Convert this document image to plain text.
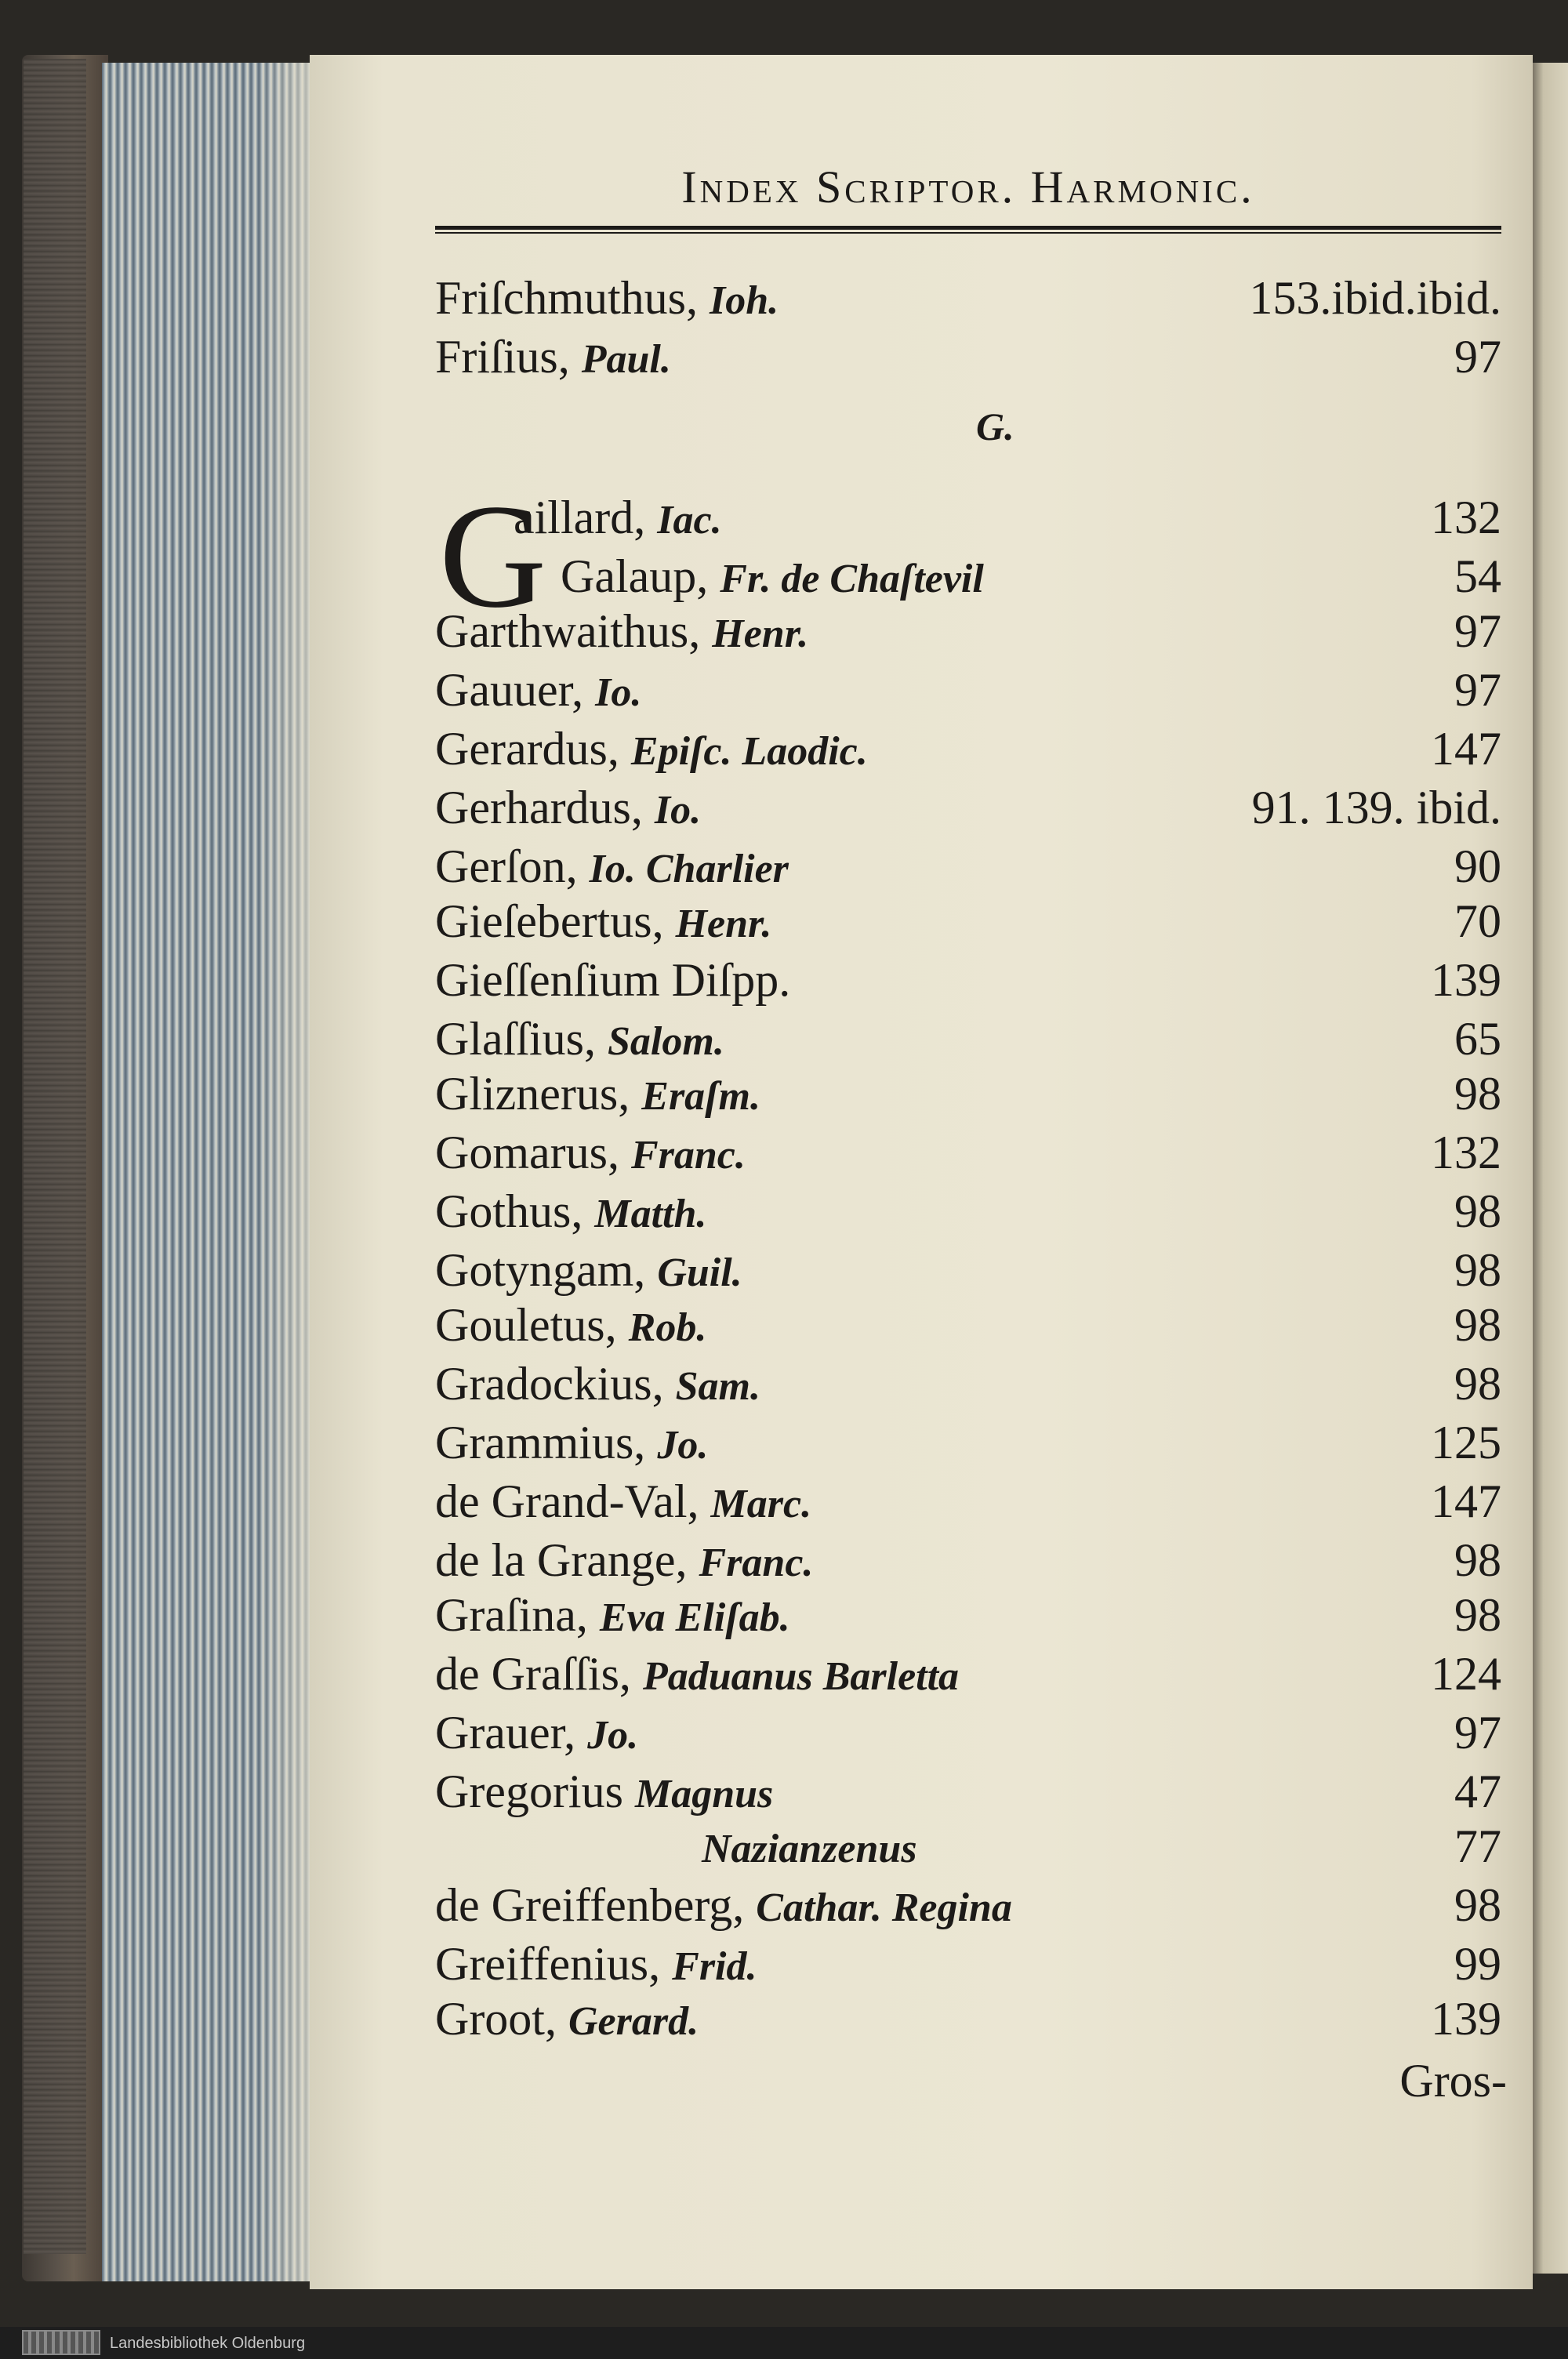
Index Scriptor. Harmonic.
G.
G
Friſchmuthus, Ioh.	153.ibid.ibid.
Friſius, Paul.	97
aillard, Iac.	132
Galaup, Fr. de Chaſtevil	54
Garthwaithus, Henr.	97
Gauuer, Io.	97
Gerardus, Epiſc. Laodic.	147
Gerhardus, Io.	91. 139. ibid.
Gerſon, Io. Charlier	90
Gieſebertus, Henr.	70
Gieſſenſium Diſpp.	139
Glaſſius, Salom.	65
Gliznerus, Eraſm.	98
Gomarus, Franc.	132
Gothus, Matth.	98
Gotyngam, Guil.	98
Gouletus, Rob.	98
Gradockius, Sam.	98
Grammius, Jo.	125
de Grand-Val, Marc.	147
de la Grange, Franc.	98
Graſina, Eva Eliſab.	98
de Graſſis, Paduanus Barletta	124
Grauer, Jo.	97
Gregorius Magnus	47
Nazianzenus	77
de Greiffenberg, Cathar. Regina	98
Greiffenius, Frid.	99
Groot, Gerard.	139
Gros-
Landesbibliothek Oldenburg
